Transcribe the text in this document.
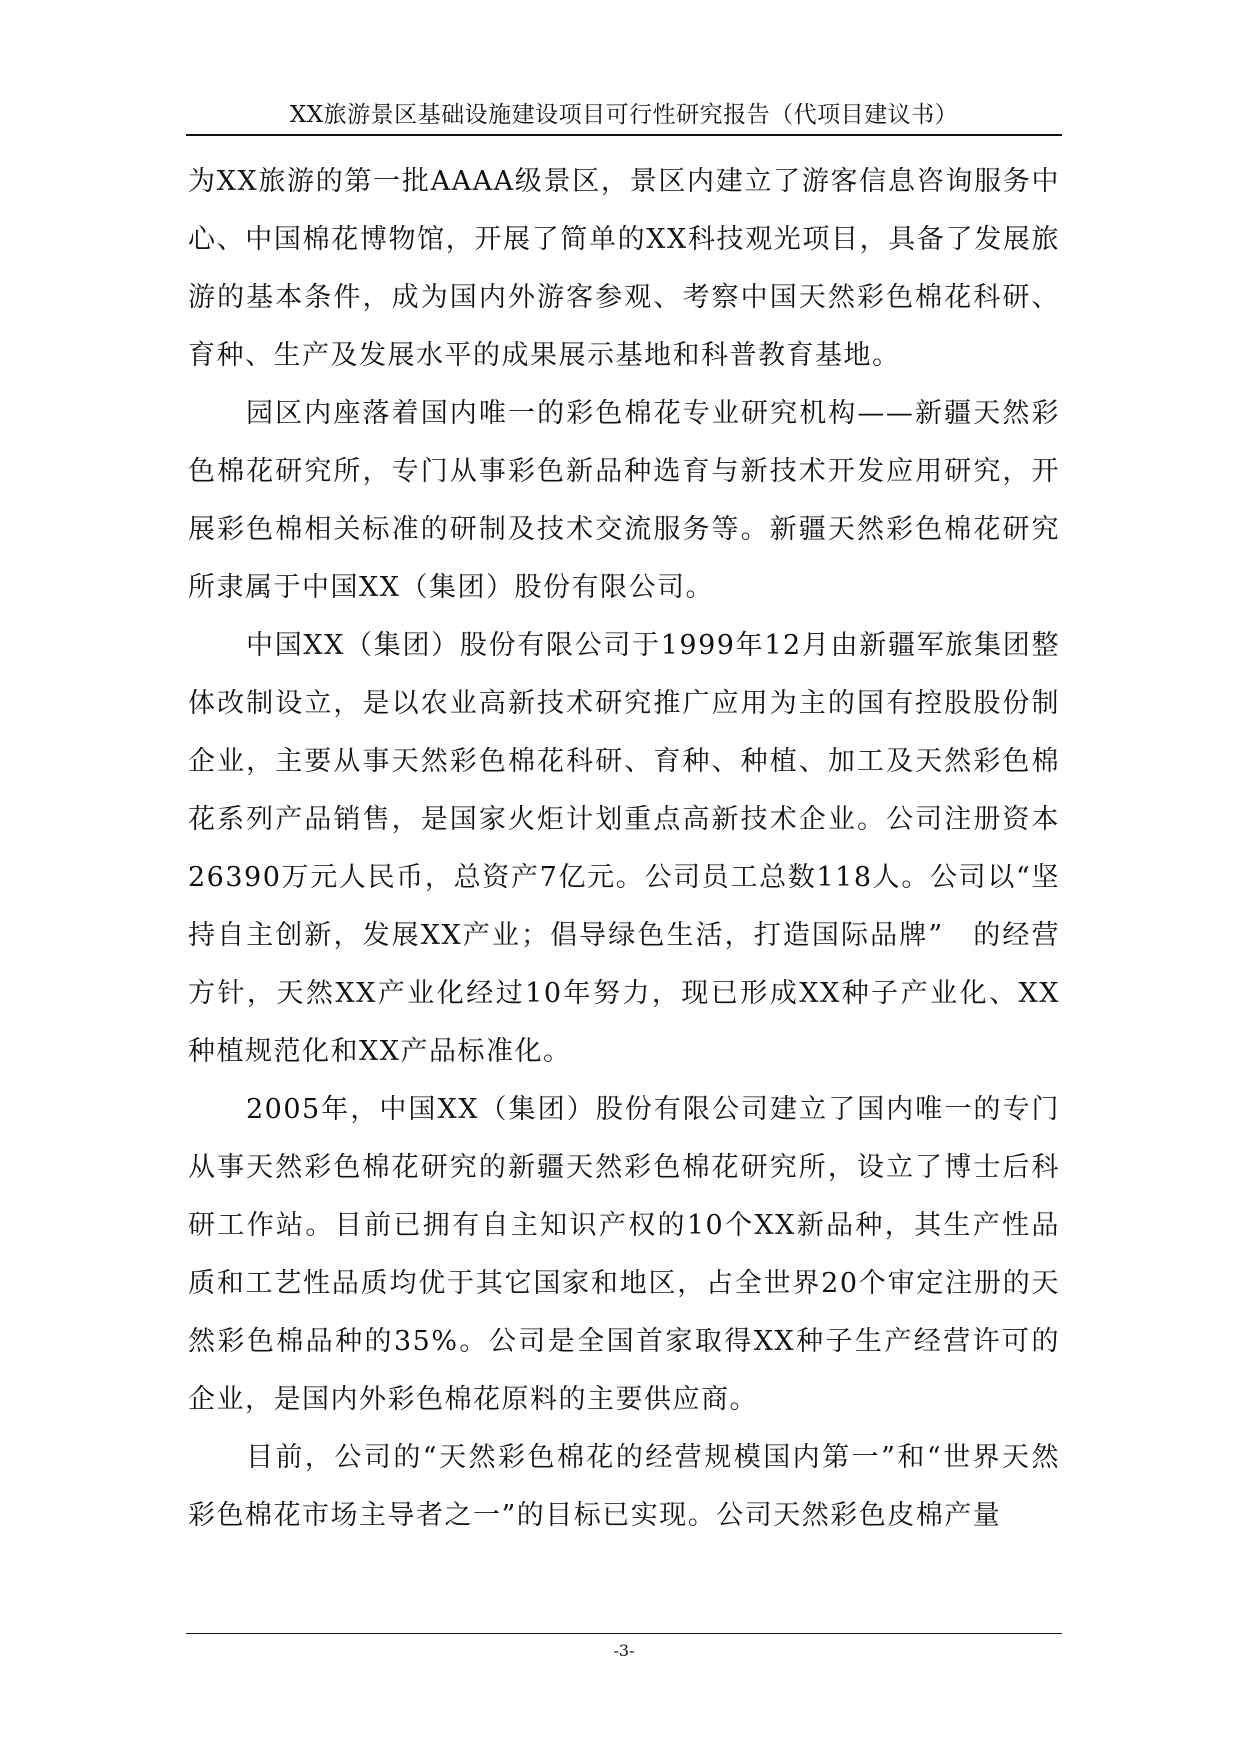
XX旅游景区基础设施建设项目可行性研究报告（代项目建议书）

为XX旅游的第一批AAAA级景区，景区内建立了游客信息咨询服务中心、中国棉花博物馆，开展了简单的XX科技观光项目，具备了发展旅游的基本条件，成为国内外游客参观、考察中国天然彩色棉花科研、育种、生产及发展水平的成果展示基地和科普教育基地。

园区内座落着国内唯一的彩色棉花专业研究机构——新疆天然彩色棉花研究所，专门从事彩色新品种选育与新技术开发应用研究，开展彩色棉相关标准的研制及技术交流服务等。新疆天然彩色棉花研究所隶属于中国XX（集团）股份有限公司。

中国XX（集团）股份有限公司于1999年12月由新疆军旅集团整体改制设立，是以农业高新技术研究推广应用为主的国有控股股份制企业，主要从事天然彩色棉花科研、育种、种植、加工及天然彩色棉花系列产品销售，是国家火炬计划重点高新技术企业。公司注册资本26390万元人民币，总资产7亿元。公司员工总数118人。公司以“坚持自主创新，发展XX产业；倡导绿色生活，打造国际品牌”　的经营方针，天然XX产业化经过10年努力，现已形成XX种子产业化、XX种植规范化和XX产品标准化。

2005年，中国XX（集团）股份有限公司建立了国内唯一的专门从事天然彩色棉花研究的新疆天然彩色棉花研究所，设立了博士后科研工作站。目前已拥有自主知识产权的10个XX新品种，其生产性品质和工艺性品质均优于其它国家和地区，占全世界20个审定注册的天然彩色棉品种的35%。公司是全国首家取得XX种子生产经营许可的企业，是国内外彩色棉花原料的主要供应商。

目前，公司的“天然彩色棉花的经营规模国内第一”和“世界天然彩色棉花市场主导者之一”的目标已实现。公司天然彩色皮棉产量

-3-
